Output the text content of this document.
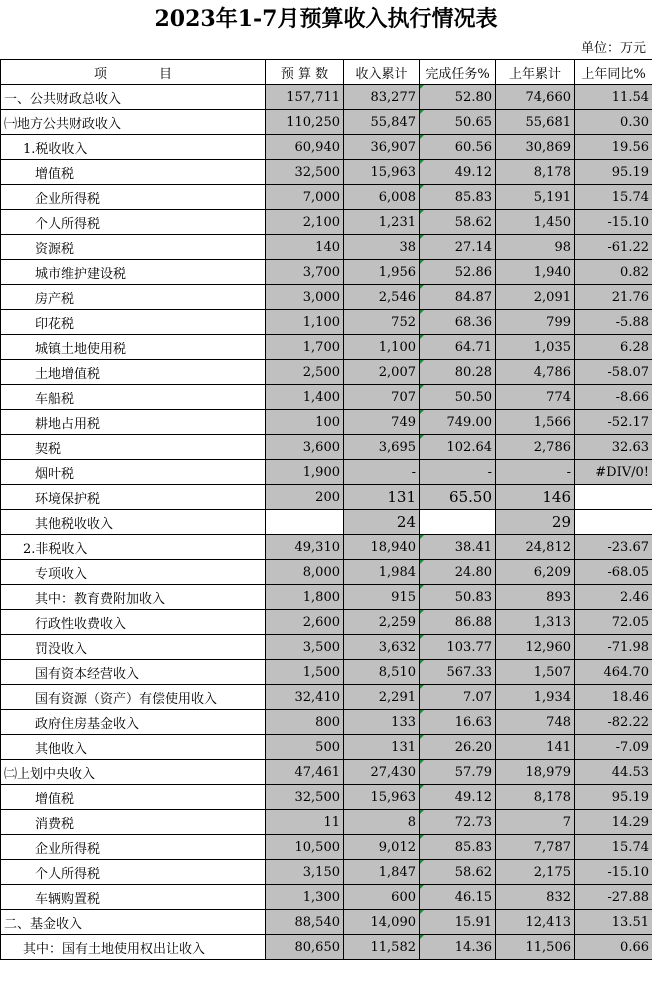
2023年1-7月预算收入执行情况表
单位：万元
项　　　　目	预 算 数	收入累计	完成任务%	上年累计	上年同比%
一、公共财政总收入	157,711	83,277	52.80	74,660	11.54
㈠地方公共财政收入	110,250	55,847	50.65	55,681	0.30
1.税收收入	60,940	36,907	60.56	30,869	19.56
增值税	32,500	15,963	49.12	8,178	95.19
企业所得税	7,000	6,008	85.83	5,191	15.74
个人所得税	2,100	1,231	58.62	1,450	-15.10
资源税	140	38	27.14	98	-61.22
城市维护建设税	3,700	1,956	52.86	1,940	0.82
房产税	3,000	2,546	84.87	2,091	21.76
印花税	1,100	752	68.36	799	-5.88
城镇土地使用税	1,700	1,100	64.71	1,035	6.28
土地增值税	2,500	2,007	80.28	4,786	-58.07
车船税	1,400	707	50.50	774	-8.66
耕地占用税	100	749	749.00	1,566	-52.17
契税	3,600	3,695	102.64	2,786	32.63
烟叶税	1,900	-	-	-	#DIV/0!
环境保护税	200	131	65.50	146	
其他税收收入		24		29	
2.非税收入	49,310	18,940	38.41	24,812	-23.67
专项收入	8,000	1,984	24.80	6,209	-68.05
其中：教育费附加收入	1,800	915	50.83	893	2.46
行政性收费收入	2,600	2,259	86.88	1,313	72.05
罚没收入	3,500	3,632	103.77	12,960	-71.98
国有资本经营收入	1,500	8,510	567.33	1,507	464.70
国有资源（资产）有偿使用收入	32,410	2,291	7.07	1,934	18.46
政府住房基金收入	800	133	16.63	748	-82.22
其他收入	500	131	26.20	141	-7.09
㈡上划中央收入	47,461	27,430	57.79	18,979	44.53
增值税	32,500	15,963	49.12	8,178	95.19
消费税	11	8	72.73	7	14.29
企业所得税	10,500	9,012	85.83	7,787	15.74
个人所得税	3,150	1,847	58.62	2,175	-15.10
车辆购置税	1,300	600	46.15	832	-27.88
二、基金收入	88,540	14,090	15.91	12,413	13.51
其中：国有土地使用权出让收入	80,650	11,582	14.36	11,506	0.66
